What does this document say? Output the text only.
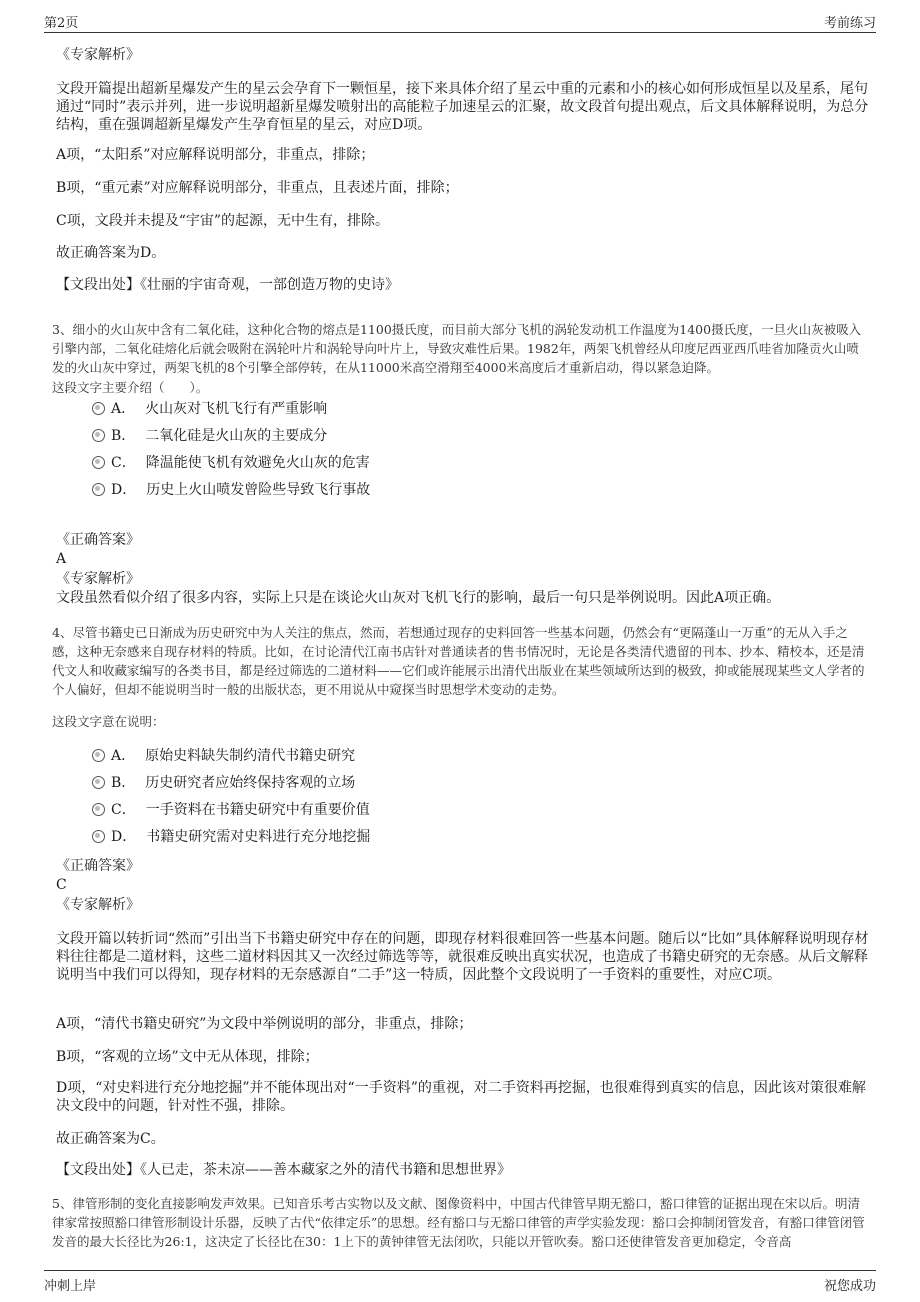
第2页	考前练习
《专家解析》
文段开篇提出超新星爆发产生的星云会孕育下一颗恒星，接下来具体介绍了星云中重的元素和小的核心如何形成恒星以及星系，尾句通过“同时”表示并列，进一步说明超新星爆发喷射出的高能粒子加速星云的汇聚，故文段首句提出观点，后文具体解释说明，为总分结构，重在强调超新星爆发产生孕育恒星的星云，对应D项。
A项，“太阳系”对应解释说明部分，非重点，排除；
B项，“重元素”对应解释说明部分，非重点，且表述片面，排除；
C项，文段并未提及“宇宙”的起源，无中生有，排除。
故正确答案为D。
【文段出处】《壮丽的宇宙奇观，一部创造万物的史诗》
3、细小的火山灰中含有二氧化硅，这种化合物的熔点是1100摄氏度，而目前大部分飞机的涡轮发动机工作温度为1400摄氏度，一旦火山灰被吸入引擎内部，二氧化硅熔化后就会吸附在涡轮叶片和涡轮导向叶片上，导致灾难性后果。1982年，两架飞机曾经从印度尼西亚西爪哇省加隆贡火山喷发的火山灰中穿过，两架飞机的8个引擎全部停转，在从11000米高空滑翔至4000米高度后才重新启动，得以紧急迫降。
这段文字主要介绍（　　）。
A． 火山灰对飞机飞行有严重影响
B． 二氧化硅是火山灰的主要成分
C． 降温能使飞机有效避免火山灰的危害
D． 历史上火山喷发曾险些导致飞行事故
《正确答案》
A
《专家解析》
文段虽然看似介绍了很多内容，实际上只是在谈论火山灰对飞机飞行的影响，最后一句只是举例说明。因此A项正确。
4、尽管书籍史已日渐成为历史研究中为人关注的焦点，然而，若想通过现存的史料回答一些基本问题，仍然会有“更隔蓬山一万重”的无从入手之感，这种无奈感来自现存材料的特质。比如，在讨论清代江南书店针对普通读者的售书情况时，无论是各类清代遗留的刊本、抄本、精校本，还是清代文人和收藏家编写的各类书目，都是经过筛选的二道材料——它们或许能展示出清代出版业在某些领域所达到的极致，抑或能展现某些文人学者的个人偏好，但却不能说明当时一般的出版状态，更不用说从中窥探当时思想学术变动的走势。
这段文字意在说明：
A． 原始史料缺失制约清代书籍史研究
B． 历史研究者应始终保持客观的立场
C． 一手资料在书籍史研究中有重要价值
D． 书籍史研究需对史料进行充分地挖掘
《正确答案》
C
《专家解析》
文段开篇以转折词“然而”引出当下书籍史研究中存在的问题，即现存材料很难回答一些基本问题。随后以“比如”具体解释说明现存材料往往都是二道材料，这些二道材料因其又一次经过筛选等等，就很难反映出真实状况，也造成了书籍史研究的无奈感。从后文解释说明当中我们可以得知，现存材料的无奈感源自“二手”这一特质，因此整个文段说明了一手资料的重要性，对应C项。
A项，“清代书籍史研究”为文段中举例说明的部分，非重点，排除；
B项，“客观的立场”文中无从体现，排除；
D项，“对史料进行充分地挖掘”并不能体现出对“一手资料”的重视，对二手资料再挖掘，也很难得到真实的信息，因此该对策很难解决文段中的问题，针对性不强，排除。
故正确答案为C。
【文段出处】《人已走，茶未凉——善本藏家之外的清代书籍和思想世界》
5、律管形制的变化直接影响发声效果。已知音乐考古实物以及文献、图像资料中，中国古代律管早期无豁口，豁口律管的证据出现在宋以后。明清律家常按照豁口律管形制设计乐器，反映了古代“依律定乐”的思想。经有豁口与无豁口律管的声学实验发现：豁口会抑制闭管发音，有豁口律管闭管发音的最大长径比为26:1，这决定了长径比在30：1上下的黄钟律管无法闭吹，只能以开管吹奏。豁口还使律管发音更加稳定，令音高
冲刺上岸	祝您成功
